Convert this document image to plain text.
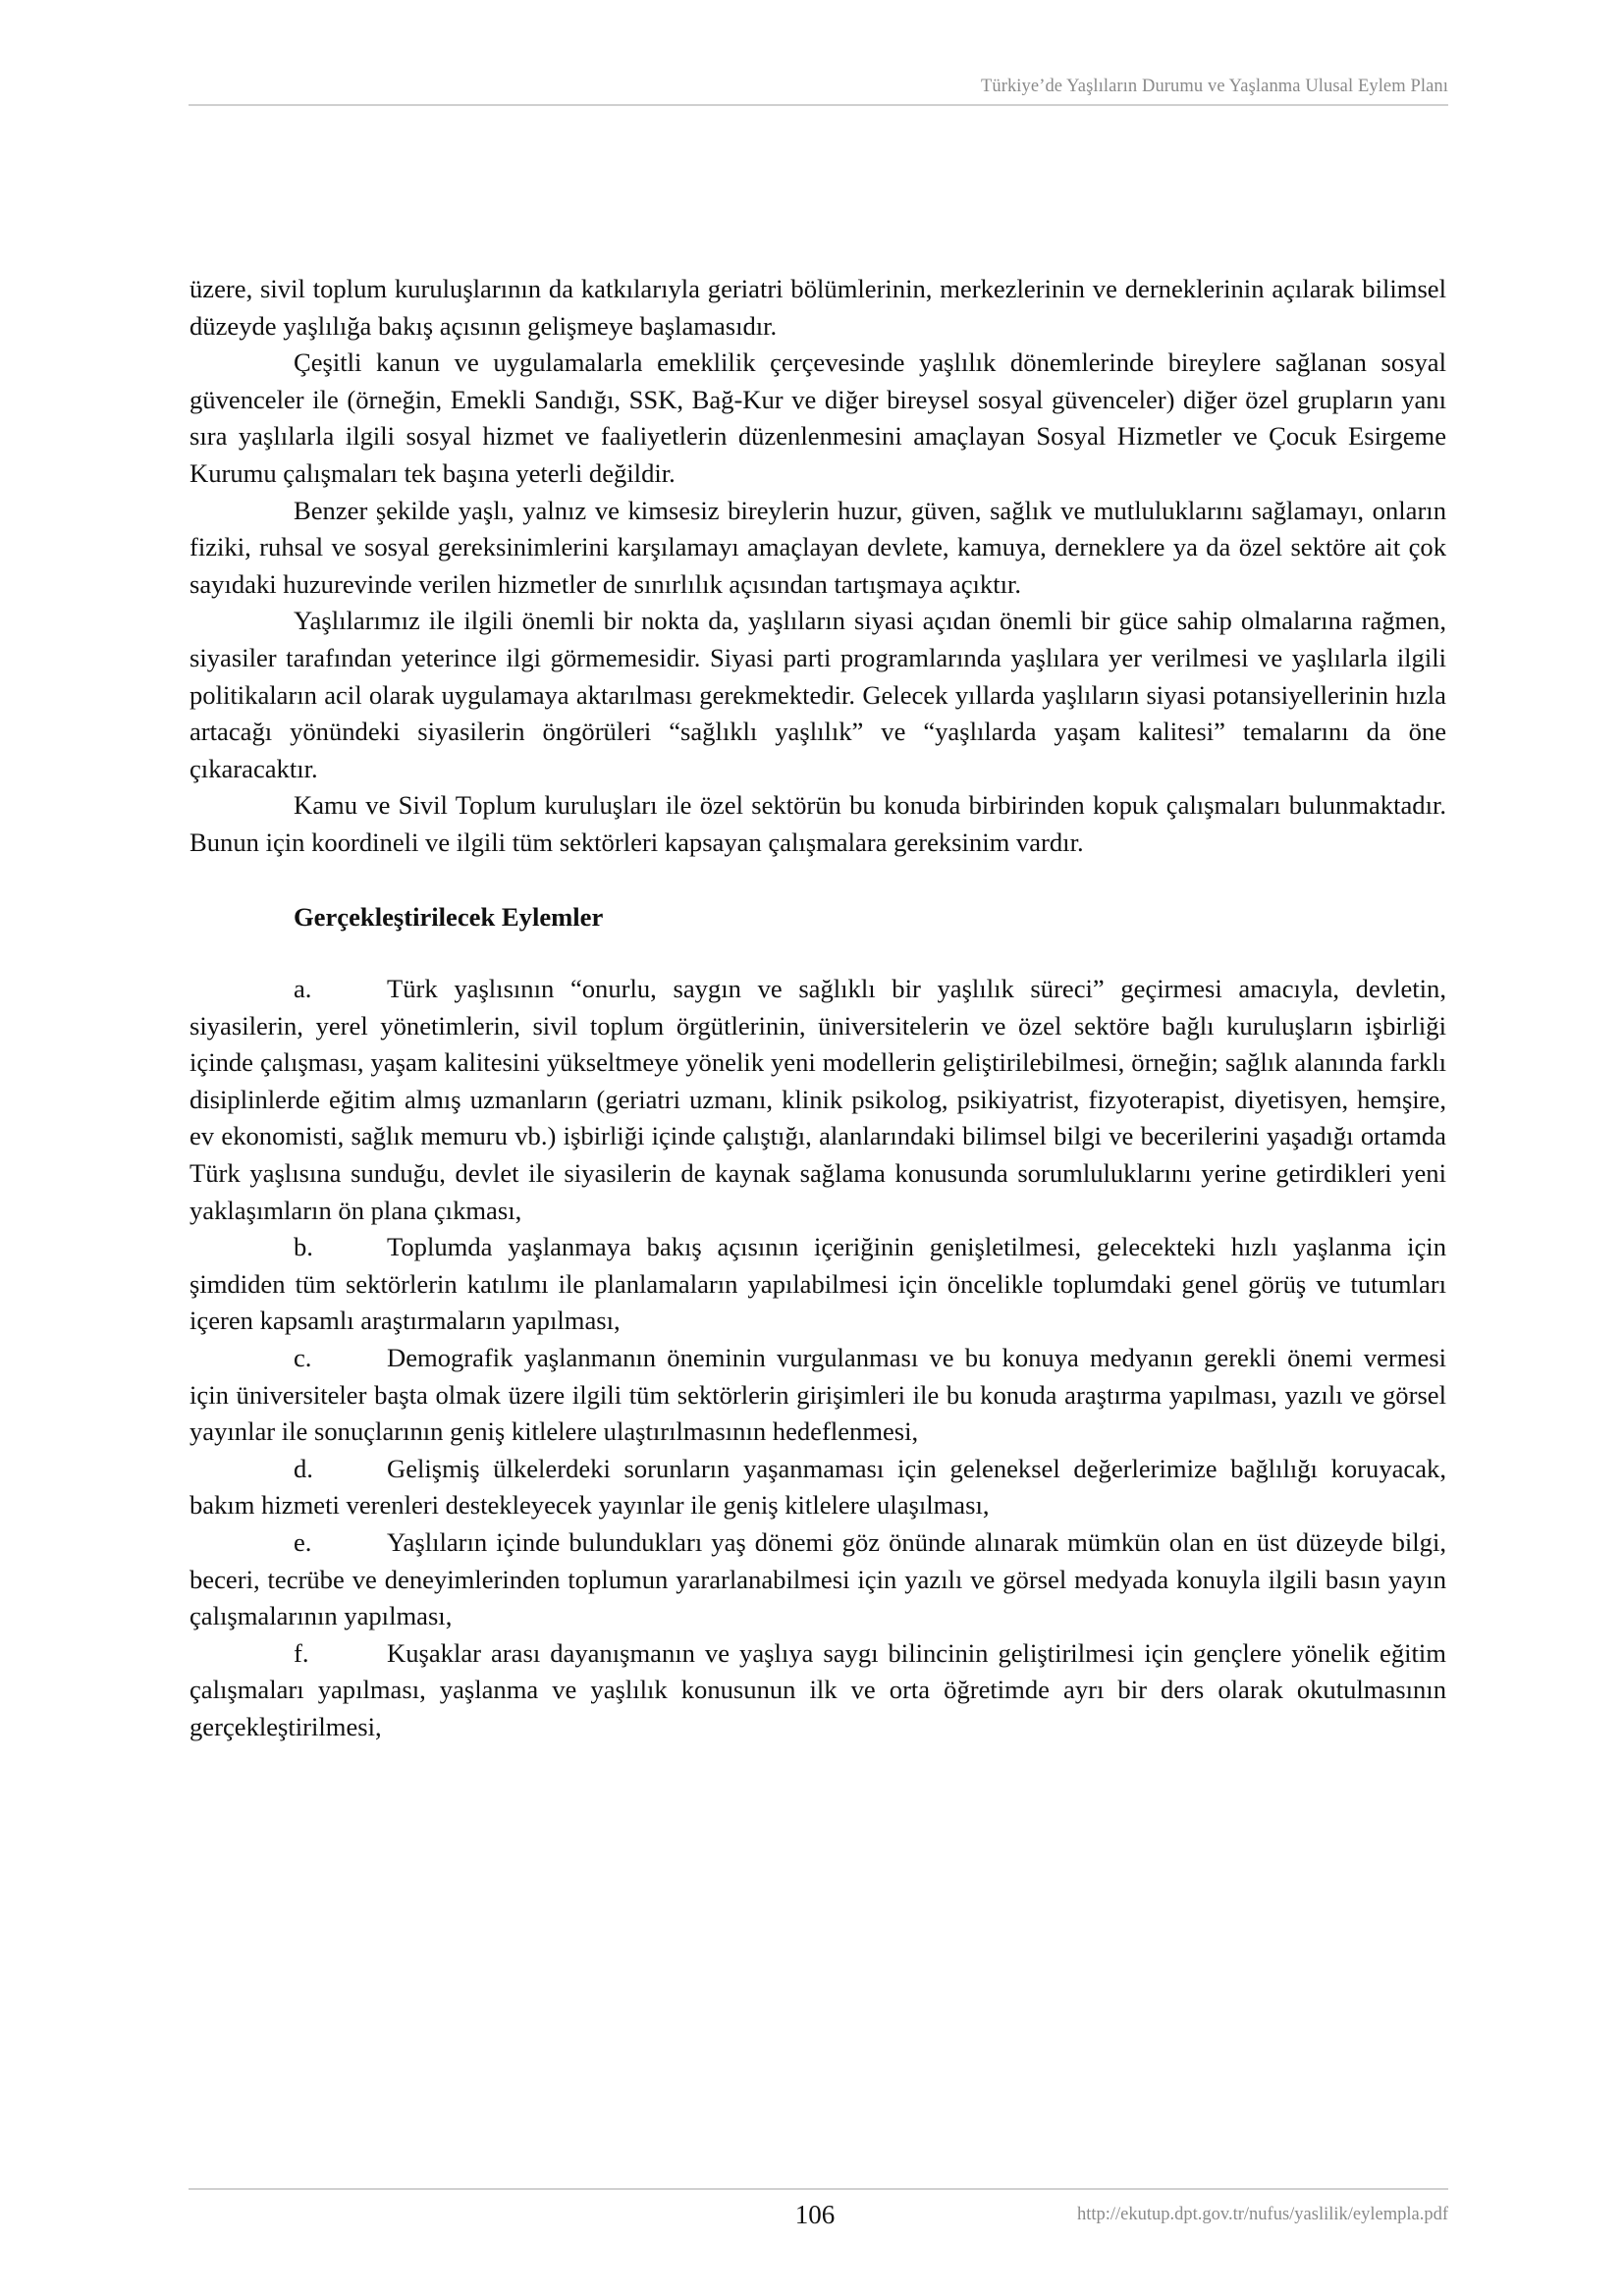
Türkiye’de Yaşlıların Durumu ve Yaşlanma Ulusal Eylem Planı

üzere, sivil toplum kuruluşlarının da katkılarıyla geriatri bölümlerinin, merkezlerinin ve derneklerinin açılarak bilimsel düzeyde yaşlılığa bakış açısının gelişmeye başlamasıdır.

Çeşitli kanun ve uygulamalarla emeklilik çerçevesinde yaşlılık dönemlerinde bireylere sağlanan sosyal güvenceler ile (örneğin, Emekli Sandığı, SSK, Bağ-Kur ve diğer bireysel sosyal güvenceler) diğer özel grupların yanı sıra yaşlılarla ilgili sosyal hizmet ve faaliyetlerin düzenlenmesini amaçlayan Sosyal Hizmetler ve Çocuk Esirgeme Kurumu çalışmaları tek başına yeterli değildir.

Benzer şekilde yaşlı, yalnız ve kimsesiz bireylerin huzur, güven, sağlık ve mutluluklarını sağlamayı, onların fiziki, ruhsal ve sosyal gereksinimlerini karşılamayı amaçlayan devlete, kamuya, derneklere ya da özel sektöre ait çok sayıdaki huzurevinde verilen hizmetler de sınırlılık açısından tartışmaya açıktır.

Yaşlılarımız ile ilgili önemli bir nokta da, yaşlıların siyasi açıdan önemli bir güce sahip olmalarına rağmen, siyasiler tarafından yeterince ilgi görmemesidir. Siyasi parti programlarında yaşlılara yer verilmesi ve yaşlılarla ilgili politikaların acil olarak uygulamaya aktarılması gerekmektedir. Gelecek yıllarda yaşlıların siyasi potansiyellerinin hızla artacağı yönündeki siyasilerin öngörüleri “sağlıklı yaşlılık” ve “yaşlılarda yaşam kalitesi” temalarını da öne çıkaracaktır.

Kamu ve Sivil Toplum kuruluşları ile özel sektörün bu konuda birbirinden kopuk çalışmaları bulunmaktadır. Bunun için koordineli ve ilgili tüm sektörleri kapsayan çalışmalara gereksinim vardır.

Gerçekleştirilecek Eylemler

a.	Türk yaşlısının “onurlu, saygın ve sağlıklı bir yaşlılık süreci” geçirmesi amacıyla, devletin, siyasilerin, yerel yönetimlerin, sivil toplum örgütlerinin, üniversitelerin ve özel sektöre bağlı kuruluşların işbirliği içinde çalışması, yaşam kalitesini yükseltmeye yönelik yeni modellerin geliştirilebilmesi, örneğin; sağlık alanında farklı disiplinlerde eğitim almış uzmanların (geriatri uzmanı, klinik psikolog, psikiyatrist, fizyoterapist, diyetisyen, hemşire, ev ekonomisti, sağlık memuru vb.) işbirliği içinde çalıştığı, alanlarındaki bilimsel bilgi ve becerilerini yaşadığı ortamda Türk yaşlısına sunduğu, devlet ile siyasilerin de kaynak sağlama konusunda sorumluluklarını yerine getirdikleri yeni yaklaşımların ön plana çıkması,

b.	Toplumda yaşlanmaya bakış açısının içeriğinin genişletilmesi, gelecekteki hızlı yaşlanma için şimdiden tüm sektörlerin katılımı ile planlamaların yapılabilmesi için öncelikle toplumdaki genel görüş ve tutumları içeren kapsamlı araştırmaların yapılması,

c.	Demografik yaşlanmanın öneminin vurgulanması ve bu konuya medyanın gerekli önemi vermesi için üniversiteler başta olmak üzere ilgili tüm sektörlerin girişimleri ile bu konuda araştırma yapılması, yazılı ve görsel yayınlar ile sonuçlarının geniş kitlelere ulaştırılmasının hedeflenmesi,

d.	Gelişmiş ülkelerdeki sorunların yaşanmaması için geleneksel değerlerimize bağlılığı koruyacak, bakım hizmeti verenleri destekleyecek yayınlar ile geniş kitlelere ulaşılması,

e.	Yaşlıların içinde bulundukları yaş dönemi göz önünde alınarak mümkün olan en üst düzeyde bilgi, beceri, tecrübe ve deneyimlerinden toplumun yararlanabilmesi için yazılı ve görsel medyada konuyla ilgili basın yayın çalışmalarının yapılması,

f.	Kuşaklar arası dayanışmanın ve yaşlıya saygı bilincinin geliştirilmesi için gençlere yönelik eğitim çalışmaları yapılması, yaşlanma ve yaşlılık konusunun ilk ve orta öğretimde ayrı bir ders olarak okutulmasının gerçekleştirilmesi,

106	http://ekutup.dpt.gov.tr/nufus/yaslilik/eylempla.pdf
